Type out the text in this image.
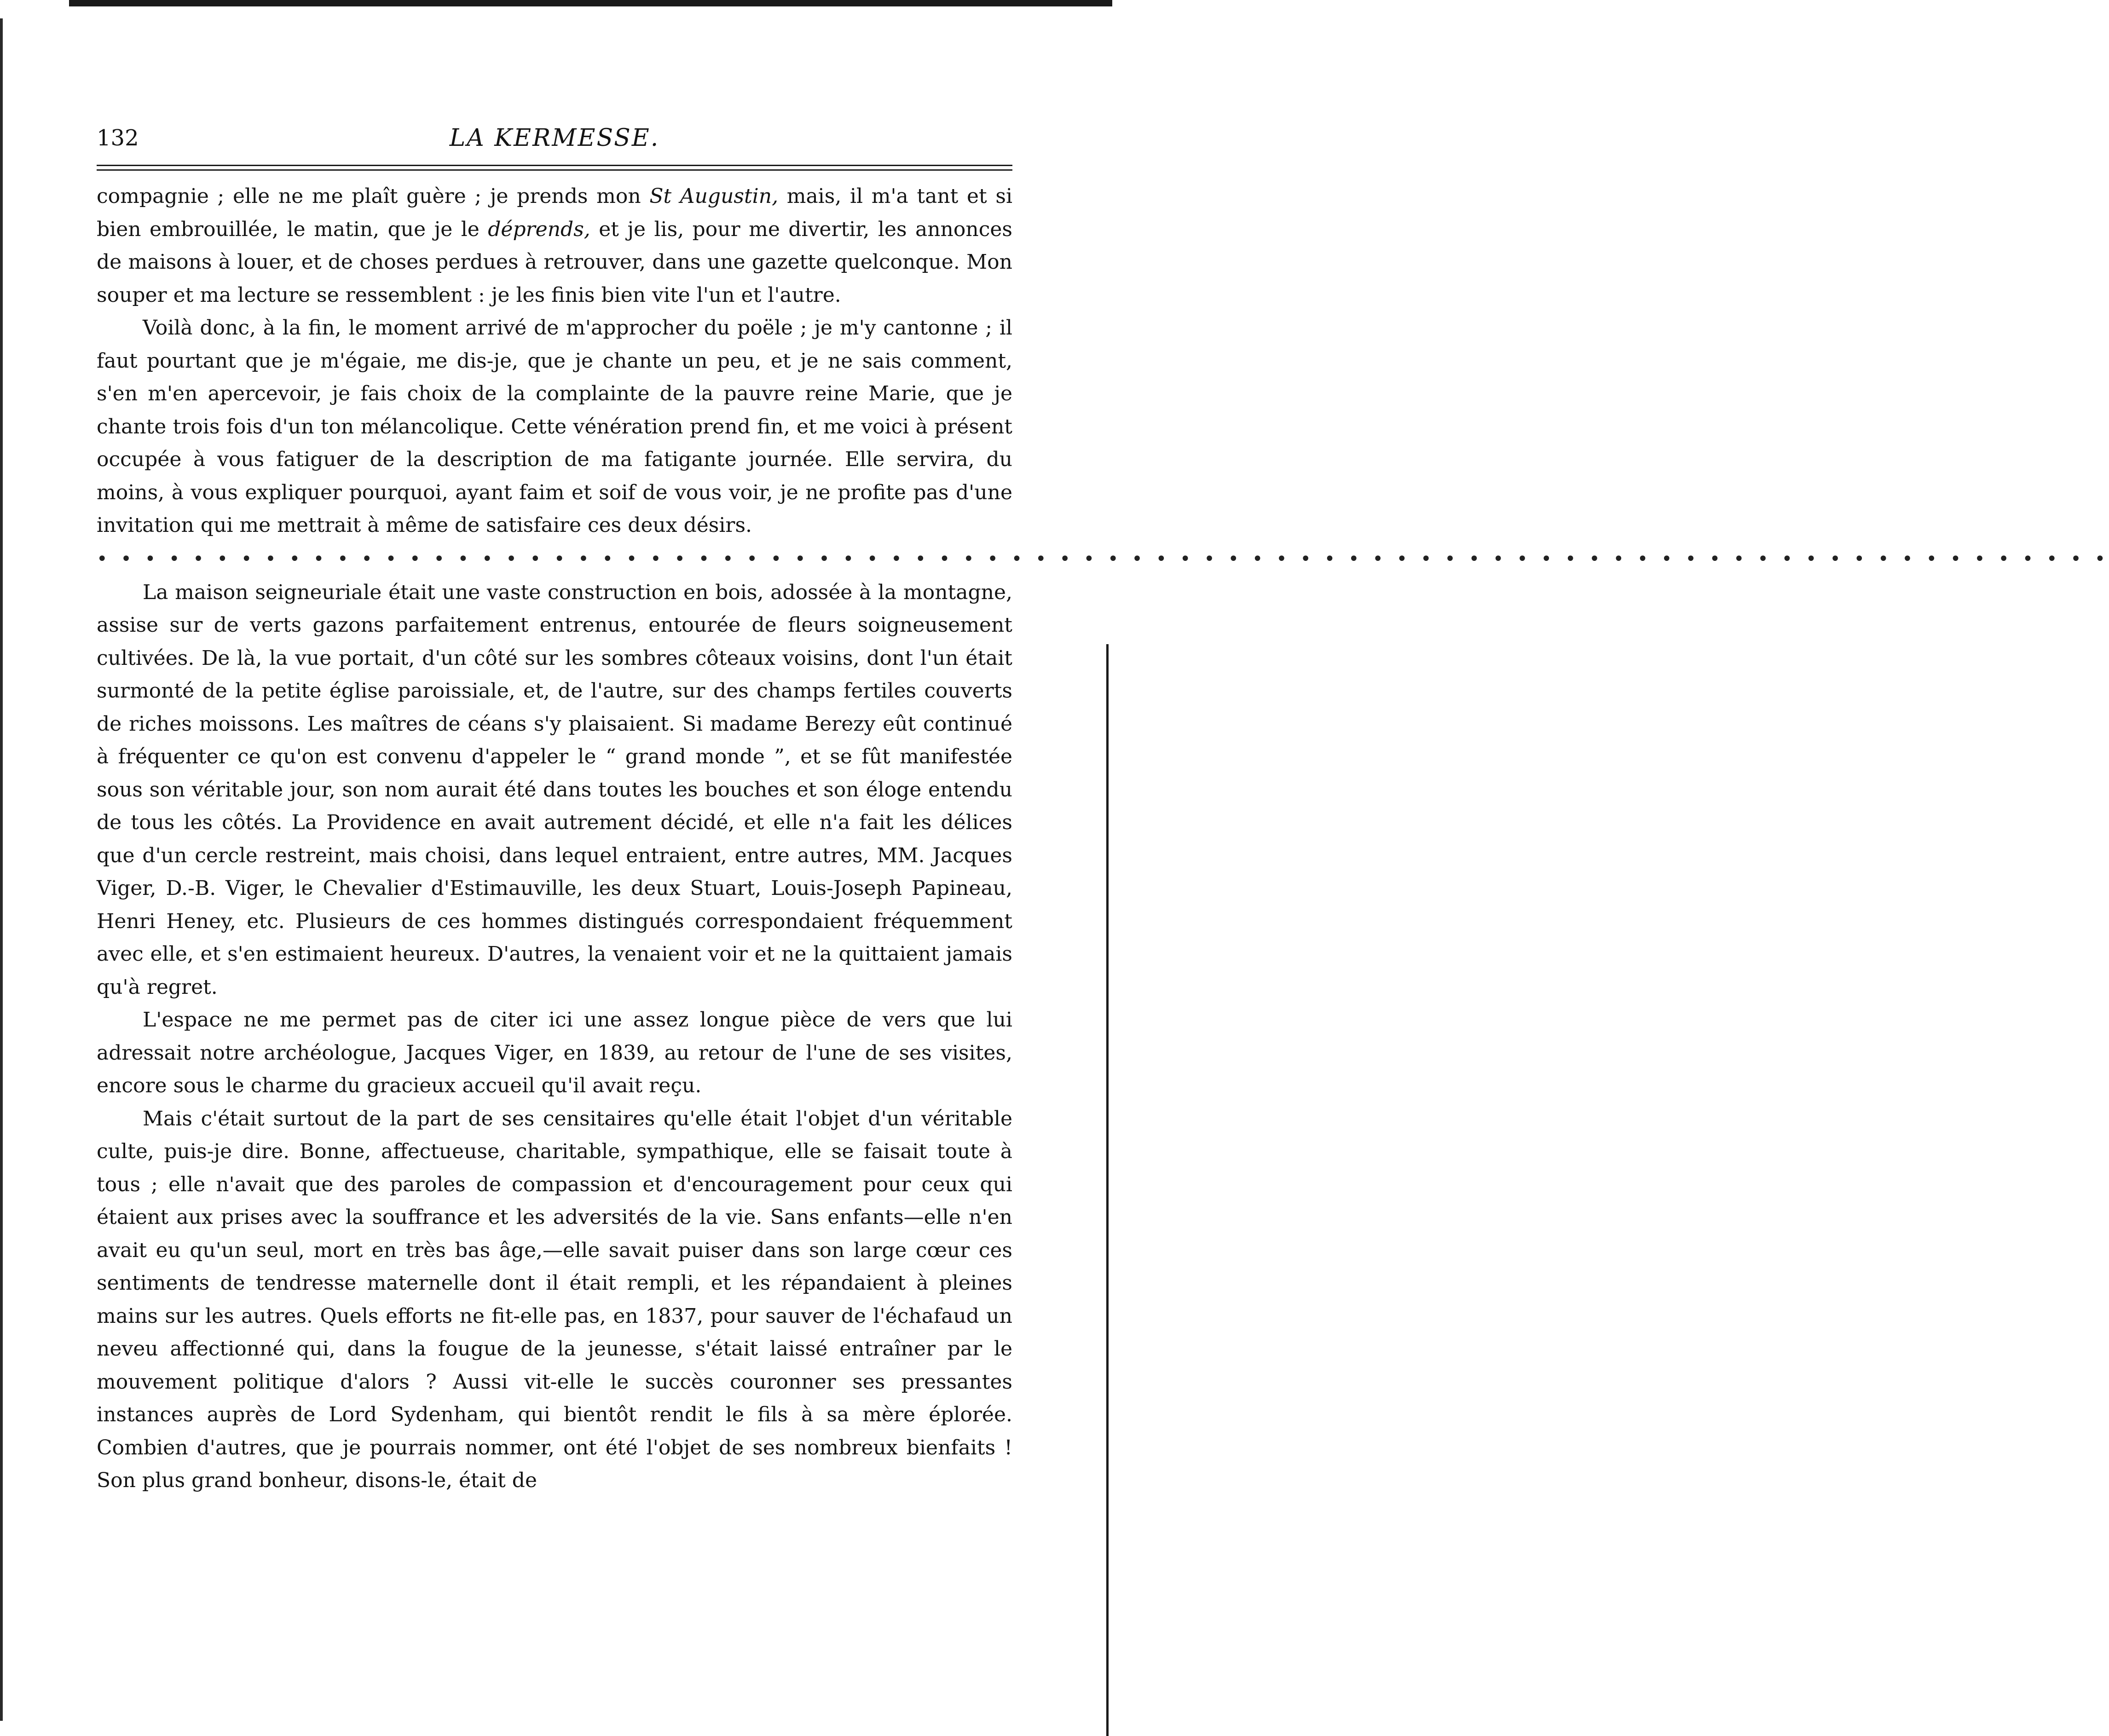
132	LA KERMESSE.

compagnie ; elle ne me plaît guère ; je prends mon St Augustin, mais, il m'a tant et si bien embrouillée, le matin, que je le déprends, et je lis, pour me divertir, les annonces de maisons à louer, et de choses perdues à retrouver, dans une gazette quelconque. Mon souper et ma lecture se ressemblent : je les finis bien vite l'un et l'autre.

Voilà donc, à la fin, le moment arrivé de m'approcher du poële ; je m'y cantonne ; il faut pourtant que je m'égaie, me dis-je, que je chante un peu, et je ne sais comment, s'en m'en apercevoir, je fais choix de la complainte de la pauvre reine Marie, que je chante trois fois d'un ton mélancolique. Cette vénération prend fin, et me voici à présent occupée à vous fatiguer de la description de ma fatigante journée. Elle servira, du moins, à vous expliquer pourquoi, ayant faim et soif de vous voir, je ne profite pas d'une invitation qui me mettrait à même de satisfaire ces deux désirs.

• • • • • • • • • • • • • • • • • • • • • • • • • • • • • • • • • • • • • • • • • • • • • • • • • • • • • • • • • • • • • • • • • • • • • • • • • • • • • • • • • • • •

La maison seigneuriale était une vaste construction en bois, adossée à la montagne, assise sur de verts gazons parfaitement entrenus, entourée de fleurs soigneusement cultivées. De là, la vue portait, d'un côté sur les sombres côteaux voisins, dont l'un était surmonté de la petite église paroissiale, et, de l'autre, sur des champs fertiles couverts de riches moissons. Les maîtres de céans s'y plaisaient. Si madame Berezy eût continué à fréquenter ce qu'on est convenu d'appeler le “ grand monde ”, et se fût manifestée sous son véritable jour, son nom aurait été dans toutes les bouches et son éloge entendu de tous les côtés. La Providence en avait autrement décidé, et elle n'a fait les délices que d'un cercle restreint, mais choisi, dans lequel entraient, entre autres, MM. Jacques Viger, D.-B. Viger, le Chevalier d'Estimauville, les deux Stuart, Louis-Joseph Papineau, Henri Heney, etc. Plusieurs de ces hommes distingués correspondaient fréquemment avec elle, et s'en estimaient heureux. D'autres, la venaient voir et ne la quittaient jamais qu'à regret.

L'espace ne me permet pas de citer ici une assez longue pièce de vers que lui adressait notre archéologue, Jacques Viger, en 1839, au retour de l'une de ses visites, encore sous le charme du gracieux accueil qu'il avait reçu.

Mais c'était surtout de la part de ses censitaires qu'elle était l'objet d'un véritable culte, puis-je dire. Bonne, affectueuse, charitable, sympathique, elle se faisait toute à tous ; elle n'avait que des paroles de compassion et d'encouragement pour ceux qui étaient aux prises avec la souffrance et les adversités de la vie. Sans enfants—elle n'en avait eu qu'un seul, mort en très bas âge,—elle savait puiser dans son large cœur ces sentiments de tendresse maternelle dont il était rempli, et les répandaient à pleines mains sur les autres. Quels efforts ne fit-elle pas, en 1837, pour sauver de l'échafaud un neveu affectionné qui, dans la fougue de la jeunesse, s'était laissé entraîner par le mouvement politique d'alors ? Aussi vit-elle le succès couronner ses pressantes instances auprès de Lord Sydenham, qui bientôt rendit le fils à sa mère éplorée. Combien d'autres, que je pourrais nommer, ont été l'objet de ses nombreux bienfaits ! Son plus grand bonheur, disons-le, était de
